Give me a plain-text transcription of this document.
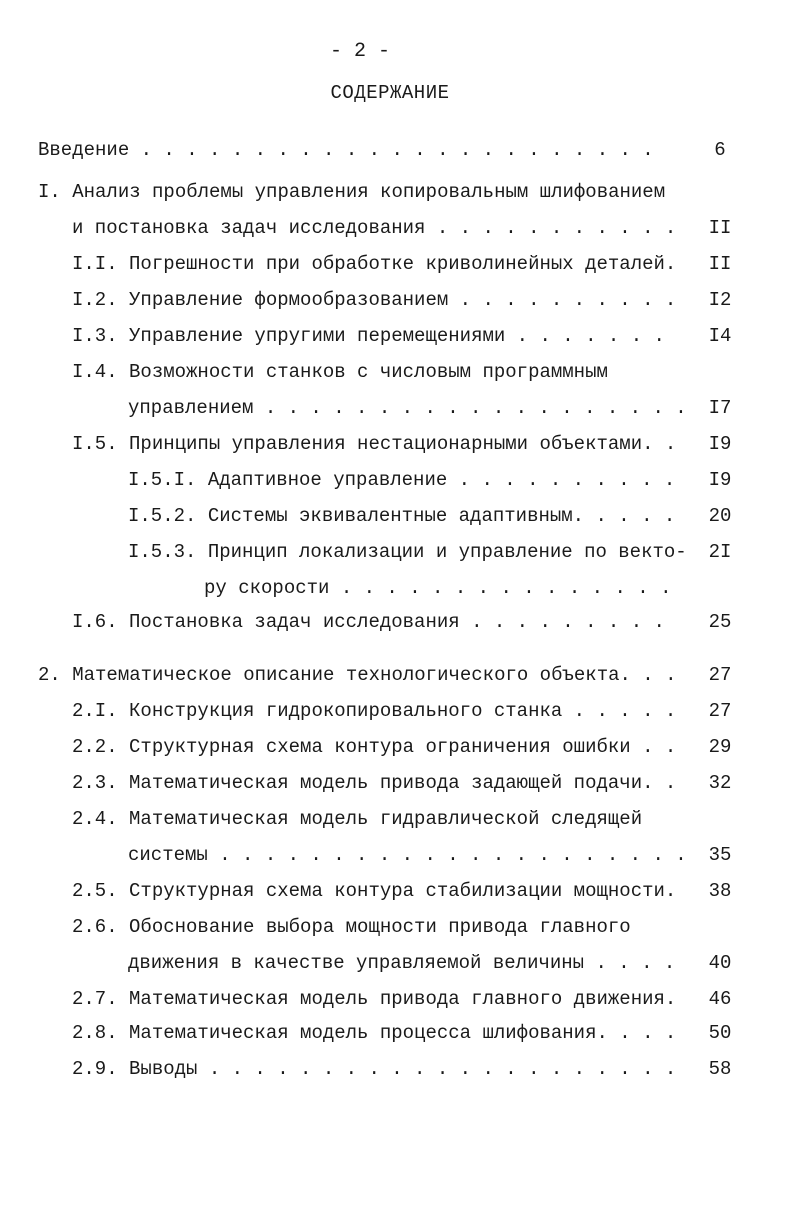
- 2 -
СОДЕРЖАНИЕ
Введение . . . . . . . . . . . . . . . . . . . . . . .	6
I. Анализ проблемы управления копировальным шлифованием
и постановка задач исследования . . . . . . . . . . .	II
I.I. Погрешности при обработке криволинейных деталей.	II
I.2. Управление формообразованием . . . . . . . . . .	I2
I.3. Управление упругими перемещениями . . . . . . .	I4
I.4. Возможности станков с числовым программным
управлением . . . . . . . . . . . . . . . . . . .	I7
I.5. Принципы управления нестационарными объектами. .	I9
I.5.I. Адаптивное управление . . . . . . . . . .	I9
I.5.2. Системы эквивалентные адаптивным. . . . .	20
I.5.3. Принцип локализации и управление по векто-	2I
ру скорости . . . . . . . . . . . . . . .
I.6. Постановка задач исследования . . . . . . . . .	25
2. Математическое описание технологического объекта. . .	27
2.I. Конструкция гидрокопировального станка . . . . .	27
2.2. Структурная схема контура ограничения ошибки . .	29
2.3. Математическая модель привода задающей подачи. .	32
2.4. Математическая модель гидравлической следящей
системы . . . . . . . . . . . . . . . . . . . . .	35
2.5. Структурная схема контура стабилизации мощности.	38
2.6. Обоснование выбора мощности привода главного
движения в качестве управляемой величины . . . .	40
2.7. Математическая модель привода главного движения.	46
2.8. Математическая модель процесса шлифования. . . .	50
2.9. Выводы . . . . . . . . . . . . . . . . . . . . .	58
